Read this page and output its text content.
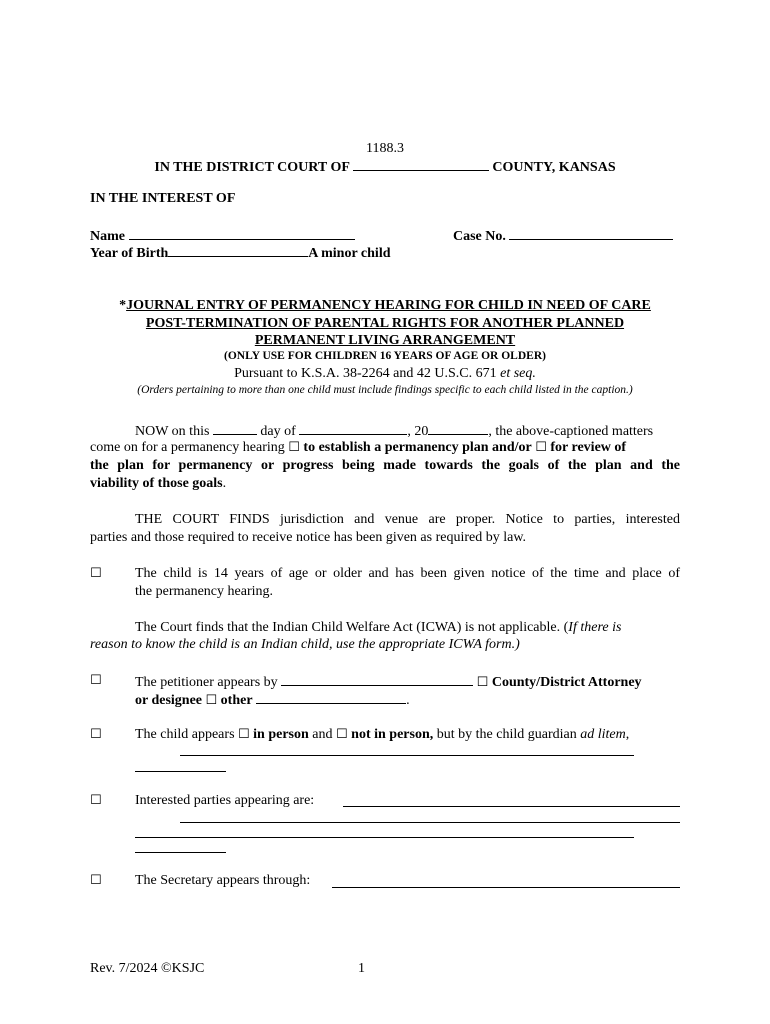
1188.3
IN THE DISTRICT COURT OF	COUNTY, KANSAS
IN THE INTEREST OF
Name	Case No.
Year of Birth	A minor child
*JOURNAL ENTRY OF PERMANENCY HEARING FOR CHILD IN NEED OF CARE
POST-TERMINATION OF PARENTAL RIGHTS FOR ANOTHER PLANNED
PERMANENT LIVING ARRANGEMENT
(ONLY USE FOR CHILDREN 16 YEARS OF AGE OR OLDER)
Pursuant to K.S.A. 38-2264 and 42 U.S.C. 671 et seq.
(Orders pertaining to more than one child must include findings specific to each child listed in the caption.)
NOW on this	day of	, 20	, the above-captioned matters
come on for a permanency hearing ☐ to establish a permanency plan and/or ☐ for review of
the plan for permanency or progress being made towards the goals of the plan and the
viability of those goals.
THE COURT FINDS jurisdiction and venue are proper. Notice to parties, interested
parties and those required to receive notice has been given as required by law.
☐ The child is 14 years of age or older and has been given notice of the time and place of
the permanency hearing.
The Court finds that the Indian Child Welfare Act (ICWA) is not applicable. (If there is
reason to know the child is an Indian child, use the appropriate ICWA form.)
☐ The petitioner appears by	☐ County/District Attorney
or designee ☐ other	.
☐ The child appears ☐ in person and ☐ not in person, but by the child guardian ad litem,
☐ Interested parties appearing are:
☐ The Secretary appears through:
Rev. 7/2024 ©KSJC	1
